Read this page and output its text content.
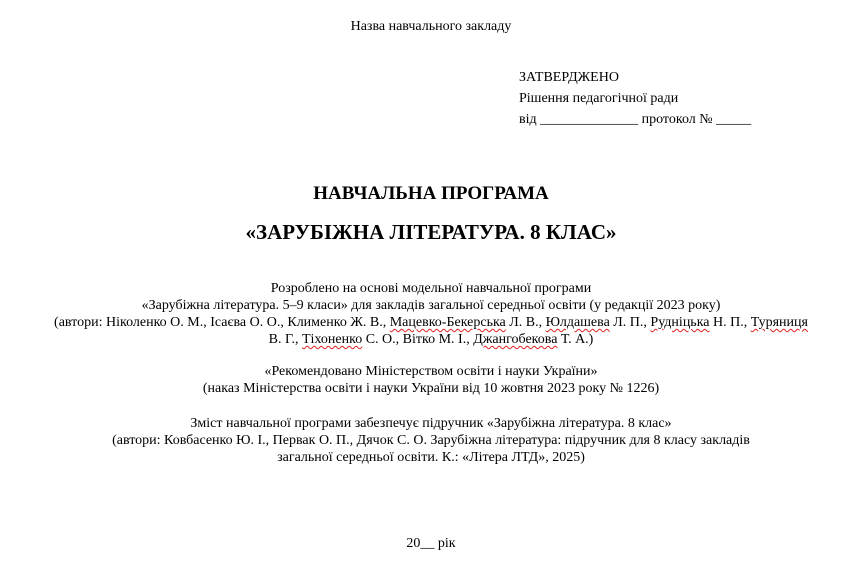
Назва навчального закладу
ЗАТВЕРДЖЕНО
Рішення педагогічної ради
від ______________ протокол № _____
НАВЧАЛЬНА ПРОГРАМА
«ЗАРУБІЖНА ЛІТЕРАТУРА. 8 КЛАС»
Розроблено на основі модельної навчальної програми
«Зарубіжна література. 5–9 класи» для закладів загальної середньої освіти (у редакції 2023 року)
(автори: Ніколенко О. М., Ісаєва О. О., Клименко Ж. В., Мацевко-Бекерська Л. В., Юлдашева Л. П., Рудніцька Н. П., Туряниця
В. Г., Тіхоненко С. О., Вітко М. І., Джангобекова Т. А.)
«Рекомендовано Міністерством освіти і науки України»
(наказ Міністерства освіти і науки України від 10 жовтня 2023 року № 1226)
Зміст навчальної програми забезпечує підручник «Зарубіжна література. 8 клас»
(автори: Ковбасенко Ю. І., Первак О. П., Дячок С. О. Зарубіжна література: підручник для 8 класу закладів
загальної середньої освіти. К.: «Літера ЛТД», 2025)
20__ рік
